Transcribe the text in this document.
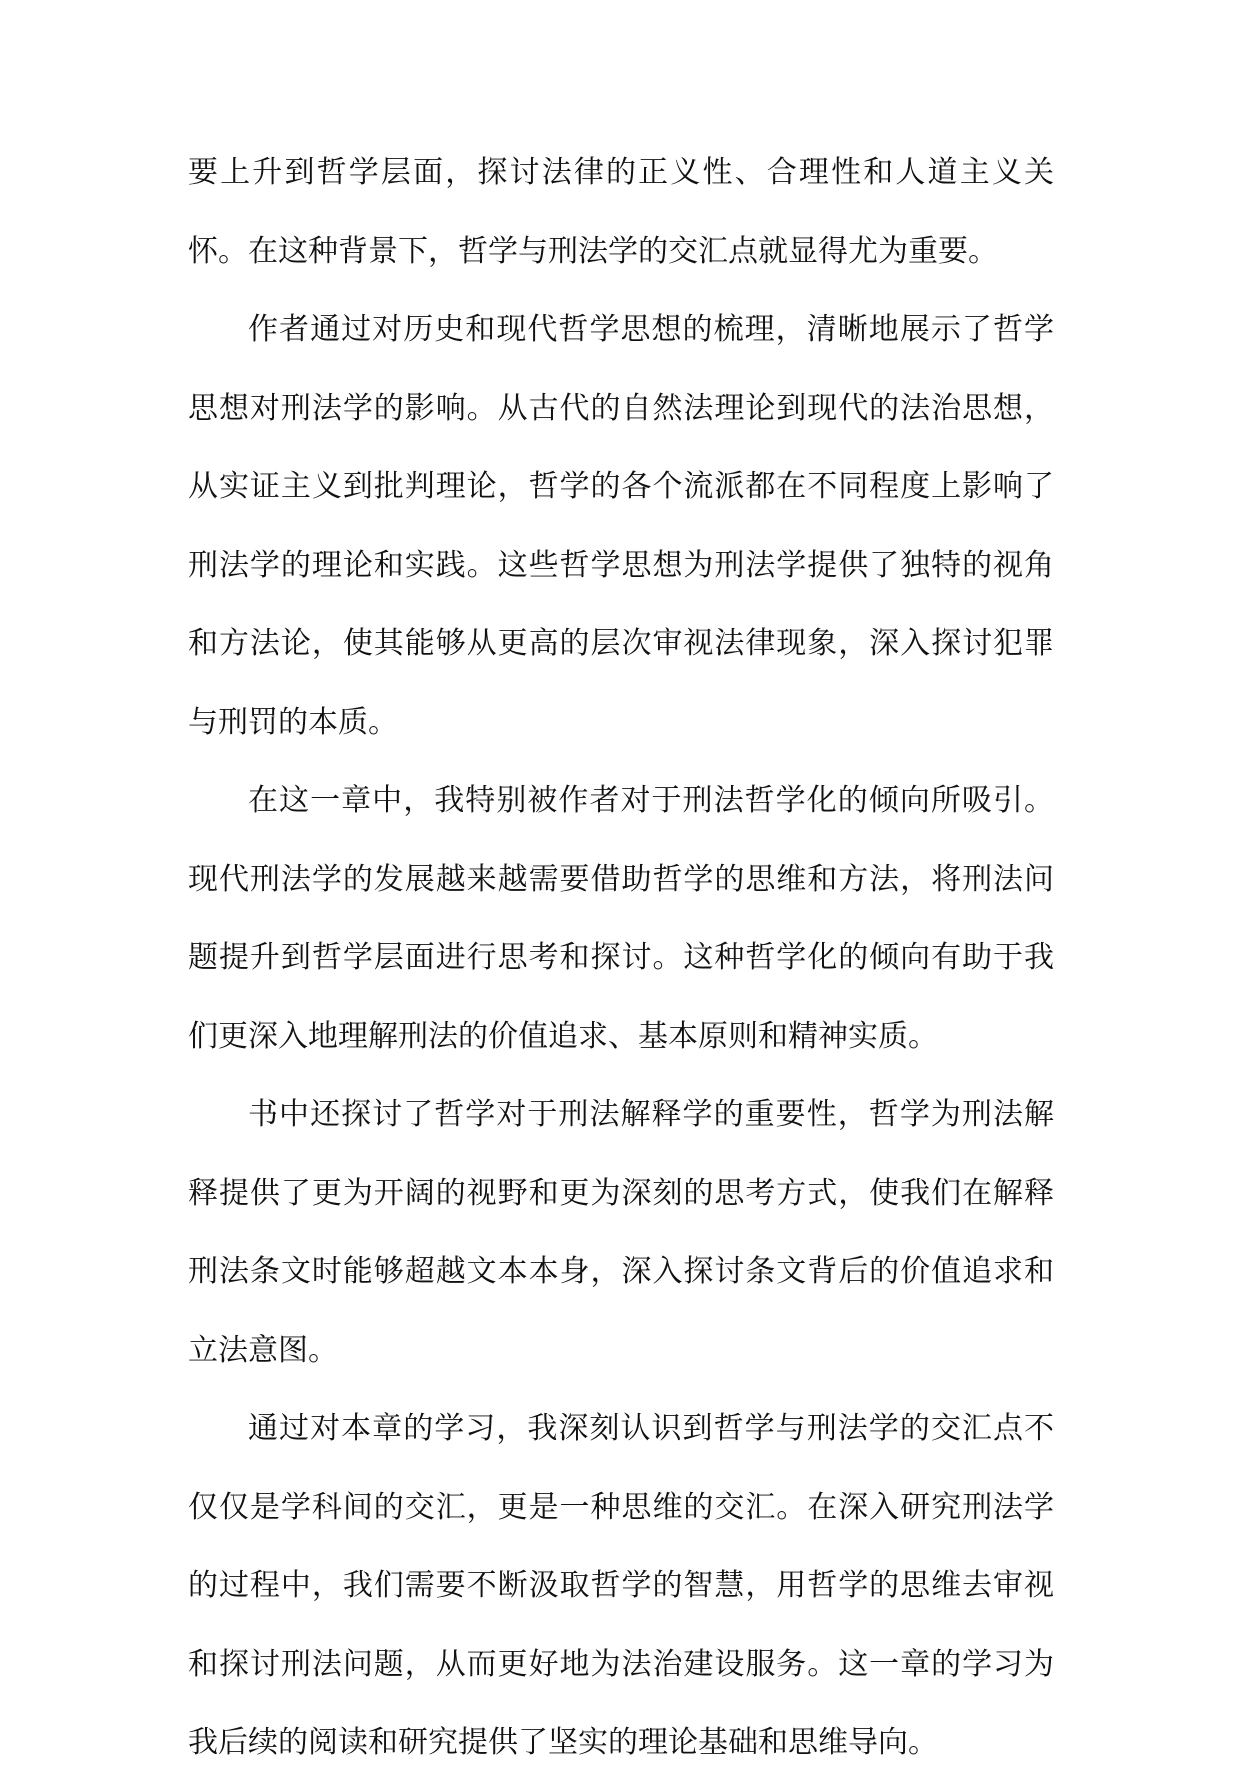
要上升到哲学层面，探讨法律的正义性、合理性和人道主义关怀。在这种背景下，哲学与刑法学的交汇点就显得尤为重要。

作者通过对历史和现代哲学思想的梳理，清晰地展示了哲学思想对刑法学的影响。从古代的自然法理论到现代的法治思想，从实证主义到批判理论，哲学的各个流派都在不同程度上影响了刑法学的理论和实践。这些哲学思想为刑法学提供了独特的视角和方法论，使其能够从更高的层次审视法律现象，深入探讨犯罪与刑罚的本质。

在这一章中，我特别被作者对于刑法哲学化的倾向所吸引。现代刑法学的发展越来越需要借助哲学的思维和方法，将刑法问题提升到哲学层面进行思考和探讨。这种哲学化的倾向有助于我们更深入地理解刑法的价值追求、基本原则和精神实质。

书中还探讨了哲学对于刑法解释学的重要性，哲学为刑法解释提供了更为开阔的视野和更为深刻的思考方式，使我们在解释刑法条文时能够超越文本本身，深入探讨条文背后的价值追求和立法意图。

通过对本章的学习，我深刻认识到哲学与刑法学的交汇点不仅仅是学科间的交汇，更是一种思维的交汇。在深入研究刑法学的过程中，我们需要不断汲取哲学的智慧，用哲学的思维去审视和探讨刑法问题，从而更好地为法治建设服务。这一章的学习为我后续的阅读和研究提供了坚实的理论基础和思维导向。
